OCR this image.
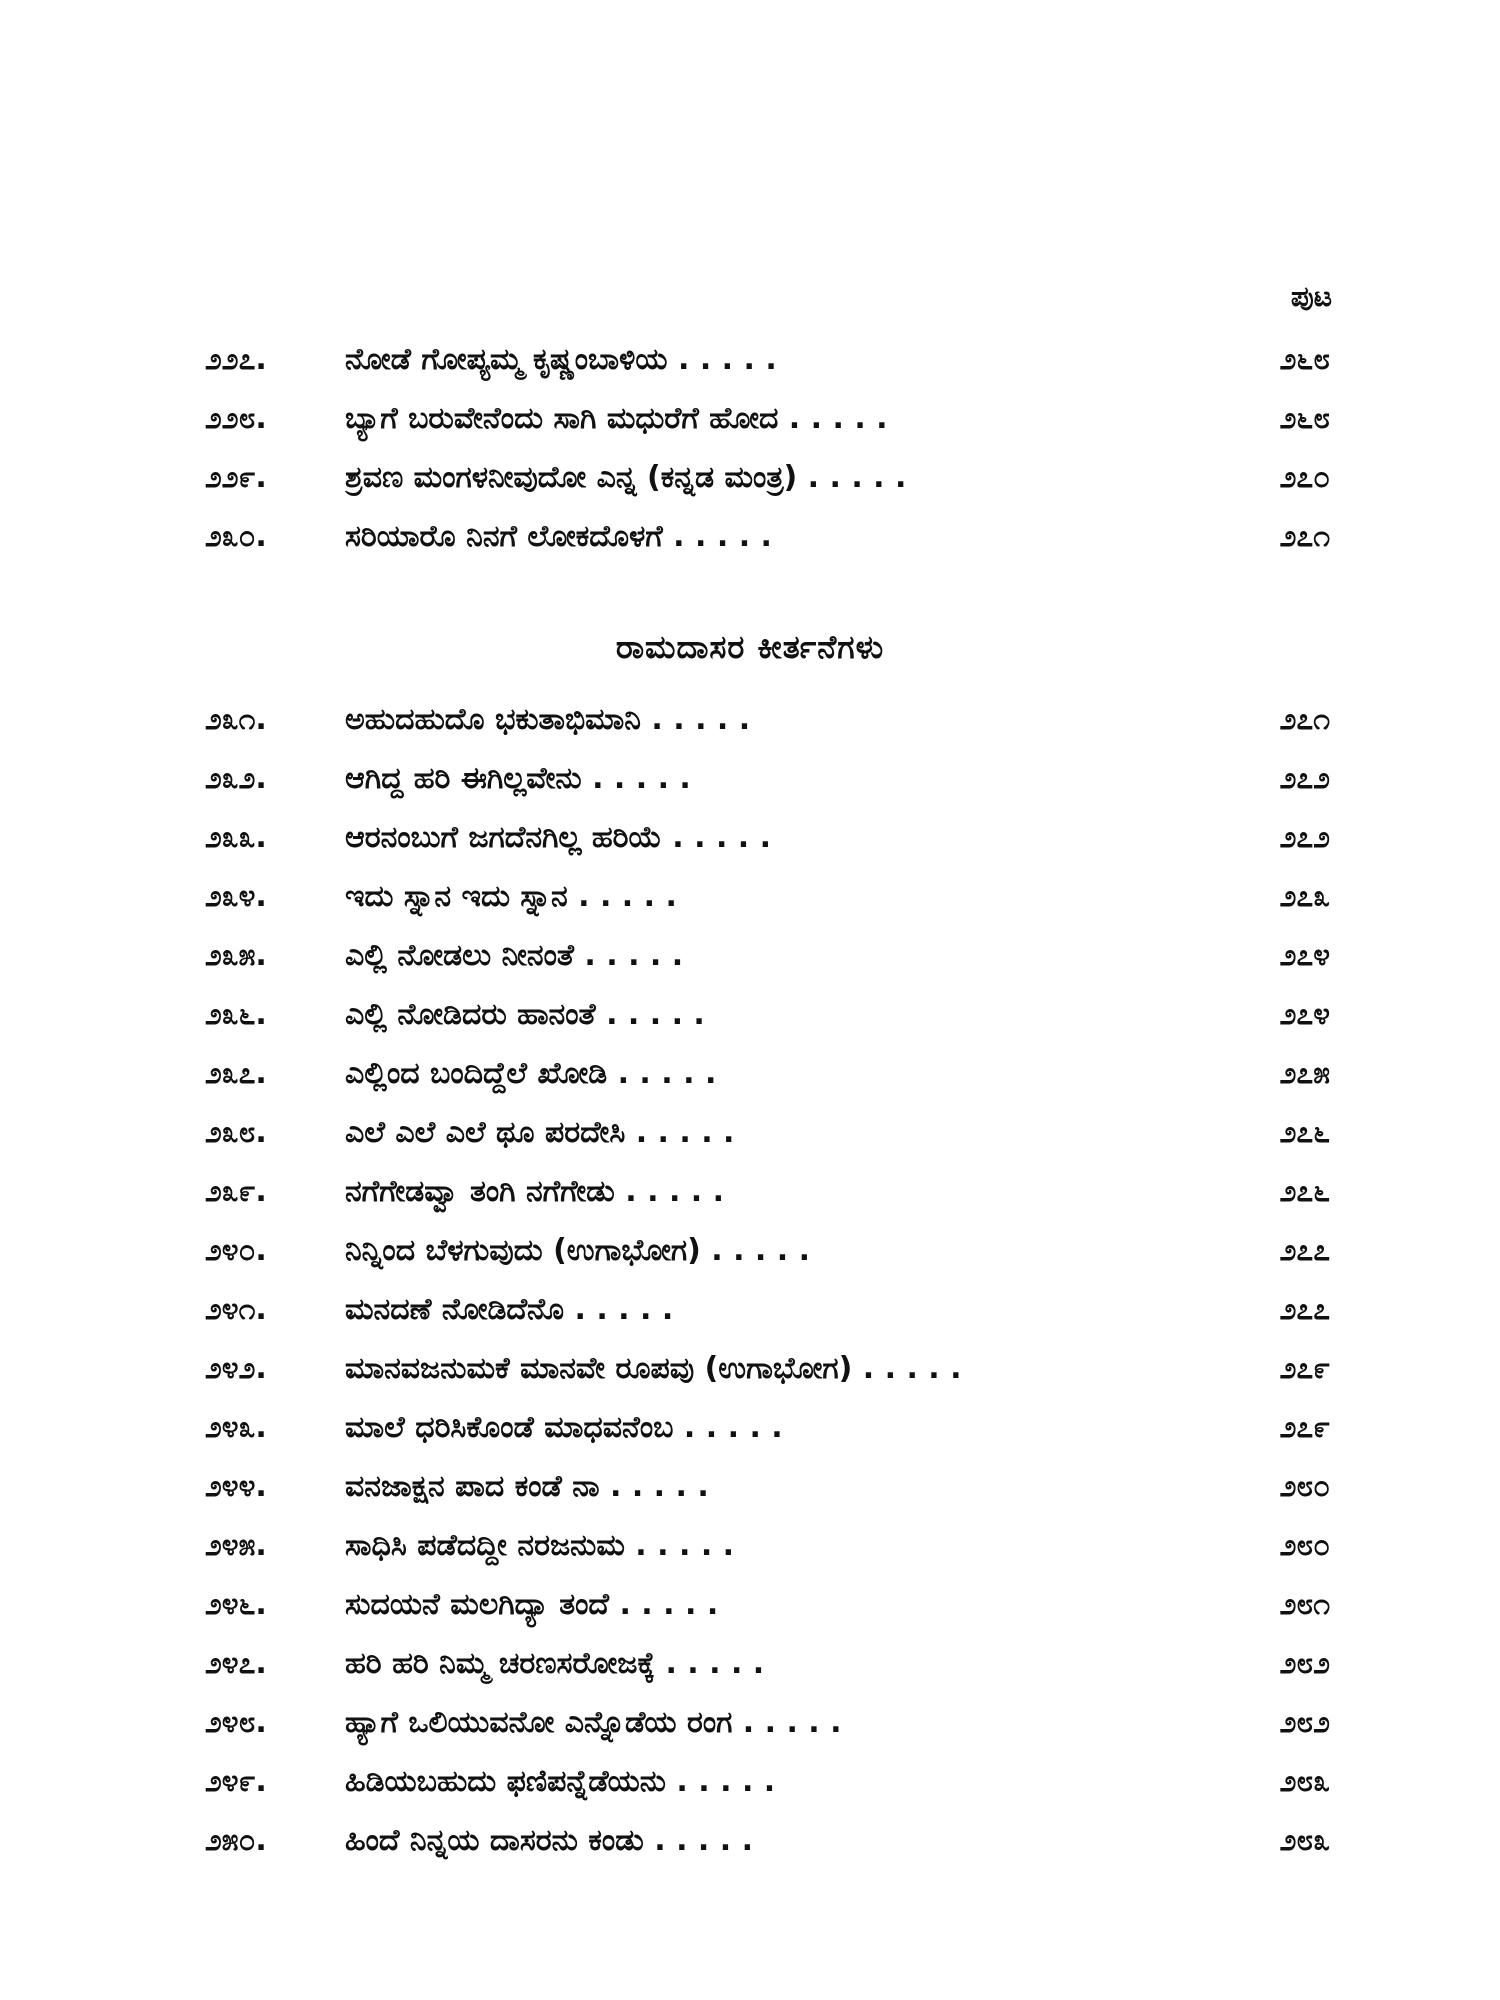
ಪುಟ
೨೨೭.	ನೋಡೆ ಗೋಪ್ಯಮ್ಮ ಕೃಷ್ಣಂಬಾಳಿಯ . . . . .	೨೬೮
೨೨೮.	ಬ್ಯಾಗೆ ಬರುವೇನೆಂದು ಸಾಗಿ ಮಧುರೆಗೆ ಹೋದ . . . . .	೨೬೮
೨೨೯.	ಶ್ರವಣ ಮಂಗಳನೀವುದೋ ಎನ್ನ (ಕನ್ನಡ ಮಂತ್ರ) . . . . .	೨೭೦
೨೩೦.	ಸರಿಯಾರೊ ನಿನಗೆ ಲೋಕದೊಳಗೆ . . . . .	೨೭೧
ರಾಮದಾಸರ ಕೀರ್ತನೆಗಳು
೨೩೧.	ಅಹುದಹುದೊ ಭಕುತಾಭಿಮಾನಿ . . . . .	೨೭೧
೨೩೨.	ಆಗಿದ್ದ ಹರಿ ಈಗಿಲ್ಲವೇನು . . . . .	೨೭೨
೨೩೩.	ಆರನಂಬುಗೆ ಜಗದೆನಗಿಲ್ಲ ಹರಿಯೆ . . . . .	೨೭೨
೨೩೪.	ಇದು ಸ್ನಾನ ಇದು ಸ್ನಾನ . . . . .	೨೭೩
೨೩೫.	ಎಲ್ಲಿ ನೋಡಲು ನೀನಂತೆ . . . . .	೨೭೪
೨೩೬.	ಎಲ್ಲಿ ನೋಡಿದರು ಹಾನಂತೆ . . . . .	೨೭೪
೨೩೭.	ಎಲ್ಲಿಂದ ಬಂದಿದ್ದೆಲೆ ಖೋಡಿ . . . . .	೨೭೫
೨೩೮.	ಎಲೆ ಎಲೆ ಎಲೆ ಥೂ ಪರದೇಸಿ . . . . .	೨೭೬
೨೩೯.	ನಗೆಗೇಡವ್ವಾ ತಂಗಿ ನಗೆಗೇಡು . . . . .	೨೭೬
೨೪೦.	ನಿನ್ನಿಂದ ಬೆಳಗುವುದು (ಉಗಾಭೋಗ) . . . . .	೨೭೭
೨೪೧.	ಮನದಣೆ ನೋಡಿದೆನೊ . . . . .	೨೭೭
೨೪೨.	ಮಾನವಜನುಮಕೆ ಮಾನವೇ ರೂಪವು (ಉಗಾಭೋಗ) . . . . .	೨೭೯
೨೪೩.	ಮಾಲೆ ಧರಿಸಿಕೊಂಡೆ ಮಾಧವನೆಂಬ . . . . .	೨೭೯
೨೪೪.	ವನಜಾಕ್ಷನ ಪಾದ ಕಂಡೆ ನಾ . . . . .	೨೮೦
೨೪೫.	ಸಾಧಿಸಿ ಪಡೆದದ್ದೀ ನರಜನುಮ . . . . .	೨೮೦
೨೪೬.	ಸುದಯನೆ ಮಲಗಿದ್ಯಾ ತಂದೆ . . . . .	೨೮೧
೨೪೭.	ಹರಿ ಹರಿ ನಿಮ್ಮ ಚರಣಸರೋಜಕ್ಕೆ . . . . .	೨೮೨
೨೪೮.	ಹ್ಯಾಗೆ ಒಲಿಯುವನೋ ಎನ್ನೊಡೆಯ ರಂಗ . . . . .	೨೮೨
೨೪೯.	ಹಿಡಿಯಬಹುದು ಫಣಿಪನ್ನೆಡೆಯನು . . . . .	೨೮೩
೨೫೦.	ಹಿಂದೆ ನಿನ್ನಯ ದಾಸರನು ಕಂಡು . . . . .	೨೮೩
